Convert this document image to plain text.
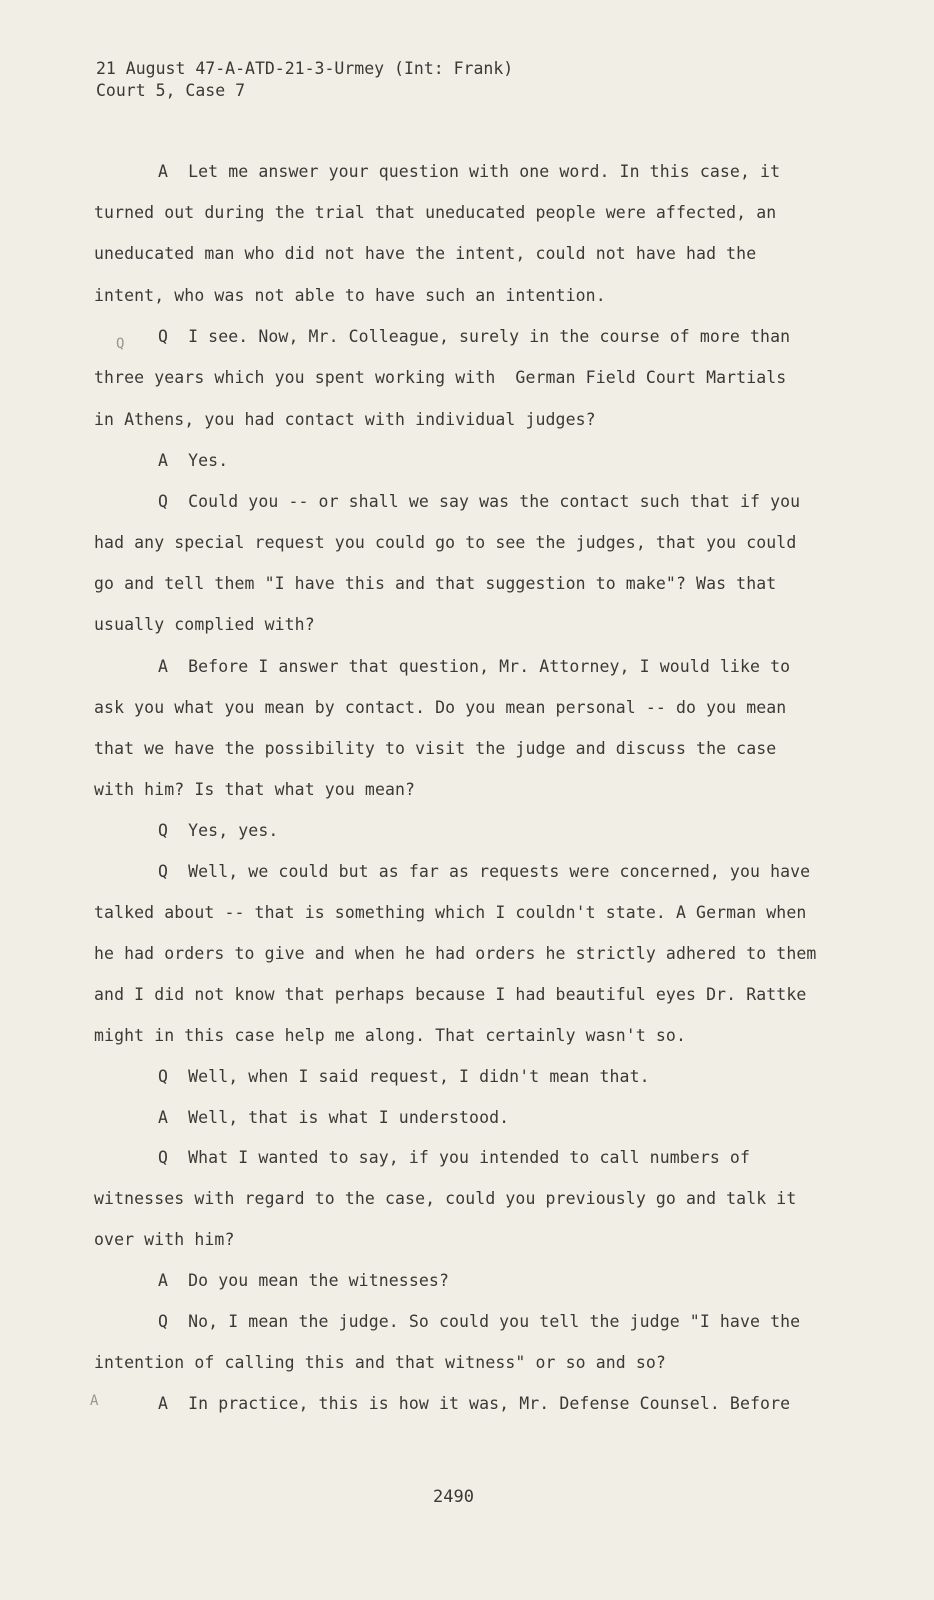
21 August 47-A-ATD-21-3-Urmey (Int: Frank)
Court 5, Case 7
Q
A
A  Let me answer your question with one word. In this case, it
turned out during the trial that uneducated people were affected, an
uneducated man who did not have the intent, could not have had the
intent, who was not able to have such an intention.
Q  I see. Now, Mr. Colleague, surely in the course of more than
three years which you spent working with  German Field Court Martials
in Athens, you had contact with individual judges?
A  Yes.
Q  Could you -- or shall we say was the contact such that if you
had any special request you could go to see the judges, that you could
go and tell them "I have this and that suggestion to make"? Was that
usually complied with?
A  Before I answer that question, Mr. Attorney, I would like to
ask you what you mean by contact. Do you mean personal -- do you mean
that we have the possibility to visit the judge and discuss the case
with him? Is that what you mean?
Q  Yes, yes.
Q  Well, we could but as far as requests were concerned, you have
talked about -- that is something which I couldn't state. A German when
he had orders to give and when he had orders he strictly adhered to them
and I did not know that perhaps because I had beautiful eyes Dr. Rattke
might in this case help me along. That certainly wasn't so.
Q  Well, when I said request, I didn't mean that.
A  Well, that is what I understood.
Q  What I wanted to say, if you intended to call numbers of
witnesses with regard to the case, could you previously go and talk it
over with him?
A  Do you mean the witnesses?
Q  No, I mean the judge. So could you tell the judge "I have the
intention of calling this and that witness" or so and so?
A  In practice, this is how it was, Mr. Defense Counsel. Before
2490
